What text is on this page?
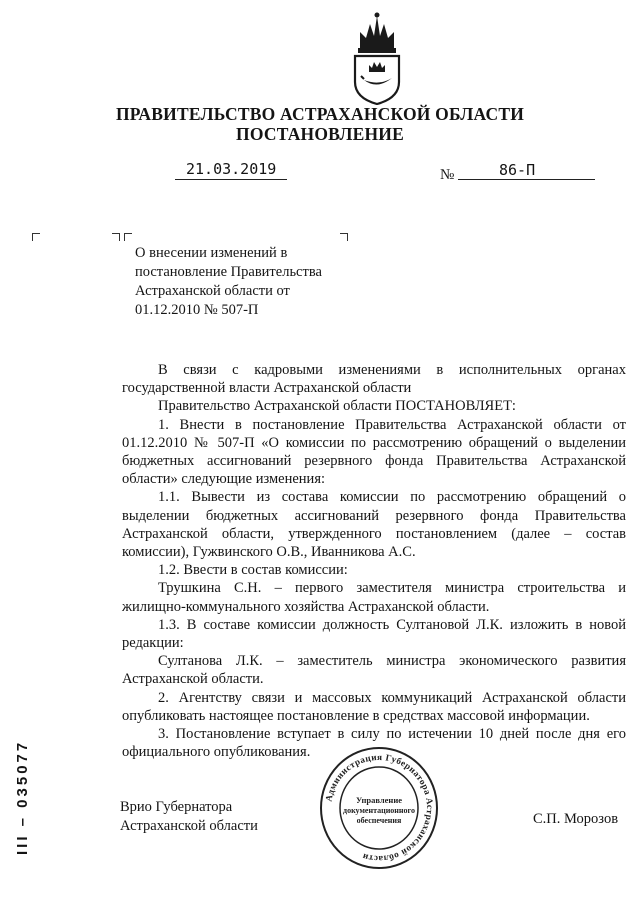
ПРАВИТЕЛЬСТВО АСТРАХАНСКОЙ ОБЛАСТИ
ПОСТАНОВЛЕНИЕ
21.03.2019	№	86-П
О внесении изменений в постановление Правительства Астраханской области от 01.12.2010 № 507-П

В связи с кадровыми изменениями в исполнительных органах государственной власти Астраханской области

Правительство Астраханской области ПОСТАНОВЛЯЕТ:

1. Внести в постановление Правительства Астраханской области от 01.12.2010 № 507-П «О комиссии по рассмотрению обращений о выделении бюджетных ассигнований резервного фонда Правительства Астраханской области» следующие изменения:

1.1. Вывести из состава комиссии по рассмотрению обращений о выделении бюджетных ассигнований резервного фонда Правительства Астраханской области, утвержденного постановлением (далее – состав комиссии), Гужвинского О.В., Иванникова А.С.

1.2. Ввести в состав комиссии:

Трушкина С.Н. – первого заместителя министра строительства и жилищно-коммунального хозяйства Астраханской области.

1.3. В составе комиссии должность Султановой Л.К. изложить в новой редакции:

Султанова Л.К. – заместитель министра экономического развития Астраханской области.

2. Агентству связи и массовых коммуникаций Астраханской области опубликовать настоящее постановление в средствах массовой информации.

3. Постановление вступает в силу по истечении 10 дней после дня его официального опубликования.

Врио Губернатора
Астраханской области	С.П. Морозов
Администрация Губернатора Астраханской области
Управление
документационного
обеспечения
III – 035077
